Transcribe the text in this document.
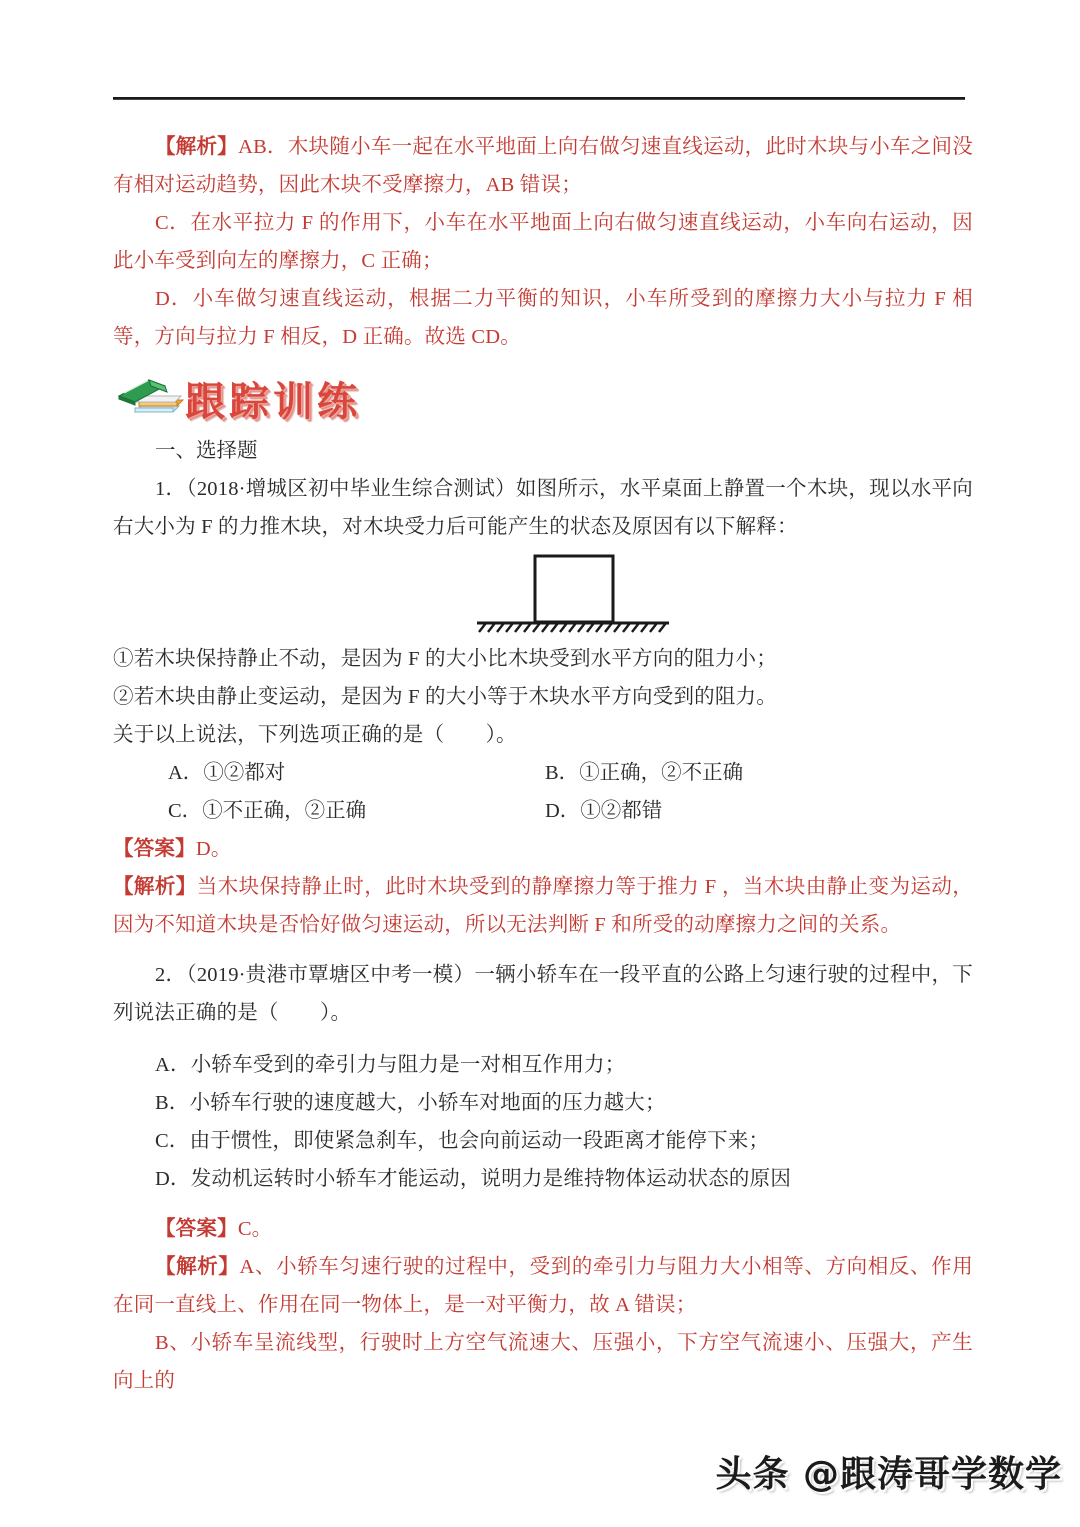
【解析】AB．木块随小车一起在水平地面上向右做匀速直线运动，此时木块与小车之间没有相对运动趋势，因此木块不受摩擦力，AB 错误；

C．在水平拉力 F 的作用下，小车在水平地面上向右做匀速直线运动，小车向右运动，因此小车受到向左的摩擦力，C 正确；

D．小车做匀速直线运动，根据二力平衡的知识，小车所受到的摩擦力大小与拉力 F 相等，方向与拉力 F 相反，D 正确。故选 CD。

跟踪训练

一、选择题

1．（2018·增城区初中毕业生综合测试）如图所示，水平桌面上静置一个木块，现以水平向右大小为 F 的力推木块，对木块受力后可能产生的状态及原因有以下解释：

①若木块保持静止不动，是因为 F 的大小比木块受到水平方向的阻力小；

②若木块由静止变运动，是因为 F 的大小等于木块水平方向受到的阻力。

关于以上说法，下列选项正确的是（　　）。

A．①②都对	B．①正确，②不正确
C．①不正确，②正确	D．①②都错

【答案】D。

【解析】当木块保持静止时，此时木块受到的静摩擦力等于推力 F ，当木块由静止变为运动，因为不知道木块是否恰好做匀速运动，所以无法判断 F 和所受的动摩擦力之间的关系。

2．（2019·贵港市覃塘区中考一模）一辆小轿车在一段平直的公路上匀速行驶的过程中，下列说法正确的是（　　）。

A．小轿车受到的牵引力与阻力是一对相互作用力；

B．小轿车行驶的速度越大，小轿车对地面的压力越大；

C．由于惯性，即使紧急刹车，也会向前运动一段距离才能停下来；

D．发动机运转时小轿车才能运动，说明力是维持物体运动状态的原因

【答案】C。

【解析】A、小轿车匀速行驶的过程中，受到的牵引力与阻力大小相等、方向相反、作用在同一直线上、作用在同一物体上，是一对平衡力，故 A 错误；

B、小轿车呈流线型，行驶时上方空气流速大、压强小，下方空气流速小、压强大，产生向上的

头条 @跟涛哥学数学
